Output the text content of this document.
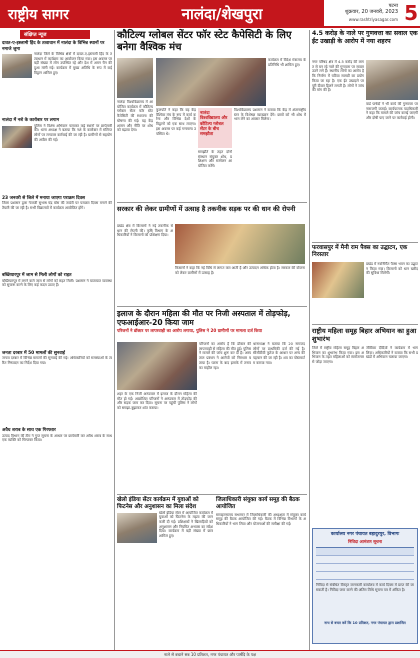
राष्ट्रीय सागर	नालंदा/शेखपुरा	पटना
शुक्रवार, 20 जनवरी, 2023
www.rashtriyasagar.com 5
संक्षिप्त न्यूज
दावत-ए-इस्लामी हिंद के तत्वाधान में नालंदा के विभिन्न स्थानों पर नमाजे जुमा
नालंदा जिले के विभिन्न क्षेत्रों में दावत-ए-इस्लामी हिंद के तत्वाधान में कार्यक्रम का आयोजन किया गया। इस अवसर पर बड़ी संख्या में लोग उपस्थित रहे और देश में अमन चैन की दुआ मांगी गई। कार्यक्रम में मुख्य अतिथि के रूप में कई विद्वान शामिल हुए।
नालंदा में नशे के कारोबार पर लगाम
पुलिस ने विशेष अभियान चलाकर कई स्थानों पर छापेमारी की। थाना अध्यक्ष ने बताया कि नशे के कारोबार में संलिप्त लोगों पर लगातार कार्रवाई की जा रही है। ग्रामीणों से सहयोग की अपील की गई।
23 जनवरी से जिले में मनाया जाएगा पराक्रम दिवस
जिला प्रशासन द्वारा नेताजी सुभाष चंद्र बोस की जयंती पर पराक्रम दिवस मनाने की तैयारी की जा रही है। सभी विद्यालयों में कार्यक्रम आयोजित होंगे।
बख्तियारपुर में जाम से मिली लोगों को राहत
बख्तियारपुर में लगने वाले जाम से लोगों को राहत मिली। प्रशासन ने यातायात व्यवस्था को सुचारू करने के लिए कई कदम उठाए हैं।
जनता दरबार में 50 मामलों की सुनवाई
जनता दरबार में विभिन्न मामलों की सुनवाई की गई। अधिकारियों को समस्याओं के त्वरित निष्पादन का निर्देश दिया गया।
अवैध शराब के साथ एक गिरफ्तार
उत्पाद विभाग की टीम ने गुप्त सूचना के आधार पर छापेमारी कर अवैध शराब के साथ एक व्यक्ति को गिरफ्तार किया।
कौटिल्य ग्लोबल सेंटर फॉर स्टेट कैपेसिटी के लिए बनेगा वैश्विक मंच
नालंदा विश्वविद्यालय में आयोजित कार्यक्रम में कौटिल्य ग्लोबल सेंटर फॉर स्टेट कैपेसिटी की स्थापना की घोषणा की गई। यह केंद्र शासन और नीति पर शोध को बढ़ावा देगा।
कुलपति ने कहा कि यह केंद्र वैश्विक मंच के रूप में कार्य करेगा और विभिन्न देशों के विद्वानों को एक साथ लाएगा। इस अवसर पर कई गणमान्य उपस्थित थे।
नालंदा विश्वविद्यालय और कौटिल्य ग्लोबल सेंटर के बीच समझौता
समझौते के तहत दोनों संस्थान संयुक्त शोध, प्रशिक्षण और सम्मेलन आयोजित करेंगे।
विश्वविद्यालय प्रशासन ने बताया कि केंद्र में अंतरराष्ट्रीय स्तर के विशेषज्ञ व्याख्यान देंगे। छात्रों को भी शोध में भाग लेने का अवसर मिलेगा।
कार्यक्रम में विदेश मंत्रालय के प्रतिनिधि भी शामिल हुए।
सरकार की लेकर ग्रामीणों में उत्साह है तकनीक सड़क पर की धान की रोपनी
प्रखंड क्षेत्र में किसानों ने नई तकनीक से धान की रोपनी की। कृषि विभाग के अधिकारियों ने किसानों को प्रशिक्षण दिया।
किसानों ने कहा कि नई विधि से लागत कम आती है और उत्पादन अधिक होता है। सरकार की योजना को लेकर ग्रामीणों में उत्साह है।
इलाज के दौरान महिला की मौत पर निजी अस्पताल में तोड़फोड़, एफआईआर-20 किया जाम
परिजनों ने डॉक्टर पर लापरवाही का आरोप लगाया, पुलिस ने 20 ग्रामीणों पर मामला दर्ज किया
शहर के एक निजी अस्पताल में इलाज के दौरान महिला की मौत हो गई। आक्रोशित परिजनों ने अस्पताल में तोड़फोड़ की और सड़क जाम कर दिया। सूचना पर पहुंची पुलिस ने लोगों को समझा-बुझाकर शांत कराया।
परिजनों का आरोप है कि डॉक्टर की लापरवाही से महिला की मौत हुई। पुलिस ने मामले की जांच शुरू कर दी है। अस्पताल प्रबंधन ने आरोपों को निराधार बताया है। घटना के बाद इलाके में तनाव का माहौल रहा।
थानाध्यक्ष ने बताया कि 20 नामजद लोगों पर प्राथमिकी दर्ज की गई है। सीसीटीवी फुटेज के आधार पर अन्य की पहचान की जा रही है। शव का पोस्टमार्टम कराया गया।
खेलो इंडिया सेंटर कार्यक्रम में युवाओं को फिटनेस और अनुशासन का मिला संदेश
खेलो इंडिया सेंटर में आयोजित कार्यक्रम में युवाओं को फिटनेस के महत्व की जानकारी दी गई। प्रशिक्षकों ने खिलाड़ियों को अनुशासन और नियमित अभ्यास का संदेश दिया। कार्यक्रम में बड़ी संख्या में छात्र शामिल हुए।
जिलाधिकारी संयुक्त कार्य समूह की बैठक आयोजित
समाहरणालय सभागार में जिलाधिकारी की अध्यक्षता में संयुक्त कार्य समूह की बैठक आयोजित की गई। बैठक में विभिन्न विभागों के अधिकारियों ने भाग लिया और योजनाओं की समीक्षा की गई।
4.5 करोड़ के नाले पर गुणवत्ता का सवाल एक ईंट उखाड़ी के आरोप में नया शहरप
नगर परिषद क्षेत्र में 4.5 करोड़ की लागत से बन रहे नाले की गुणवत्ता पर सवाल उठने लगे हैं। स्थानीय लोगों का आरोप है कि निर्माण में घटिया सामग्री का प्रयोग किया जा रहा है। एक ईंट उखाड़ने पर पूरी दीवार हिलने लगती है। लोगों ने जांच की मांग की है।
वार्ड पार्षदों ने भी कार्य की गुणवत्ता पर नाराजगी जताई। कार्यपालक पदाधिकारी ने कहा कि मामले की जांच कराई जाएगी और दोषी पाए जाने पर कार्रवाई होगी।
फरवासपुर में मैनी राम पैक्स का उद्घाटन, एक निरस्तार
प्रखंड में नवनिर्मित पैक्स भवन का उद्घाटन किया गया। किसानों को धान खरीद की सुविधा मिलेगी।
राष्ट्रीय महिला समूह बिहार अभियान का हुआ शुभारंभ
जिले में राष्ट्रीय महिला समूह बिहार अभियान का शुभारंभ किया गया। इस अभियान के तहत महिलाओं को स्वरोजगार से जोड़ा जाएगा।
जीविका दीदियों ने कार्यक्रम में भाग लिया। अधिकारियों ने बताया कि सभी प्रखंडों में अभियान चलाया जाएगा।
कार्यालय नगर पंचायत बहादुरपुर, विभागः
निविदा आमंत्रण सूचना
निविदा से संबंधित विस्तृत जानकारी कार्यालय में कार्य दिवस में प्राप्त की जा सकती है। निविदा जमा करने की अंतिम तिथि सूचना पत्र में अंकित है।
नाथ से बचत करें कि 10 प्रतिशत, नगर पंचायत द्वारा प्रशासित
नाले से बचाने सब 10 प्रतिशत, नगर पंचायत और पार्षदि के पक्ष
